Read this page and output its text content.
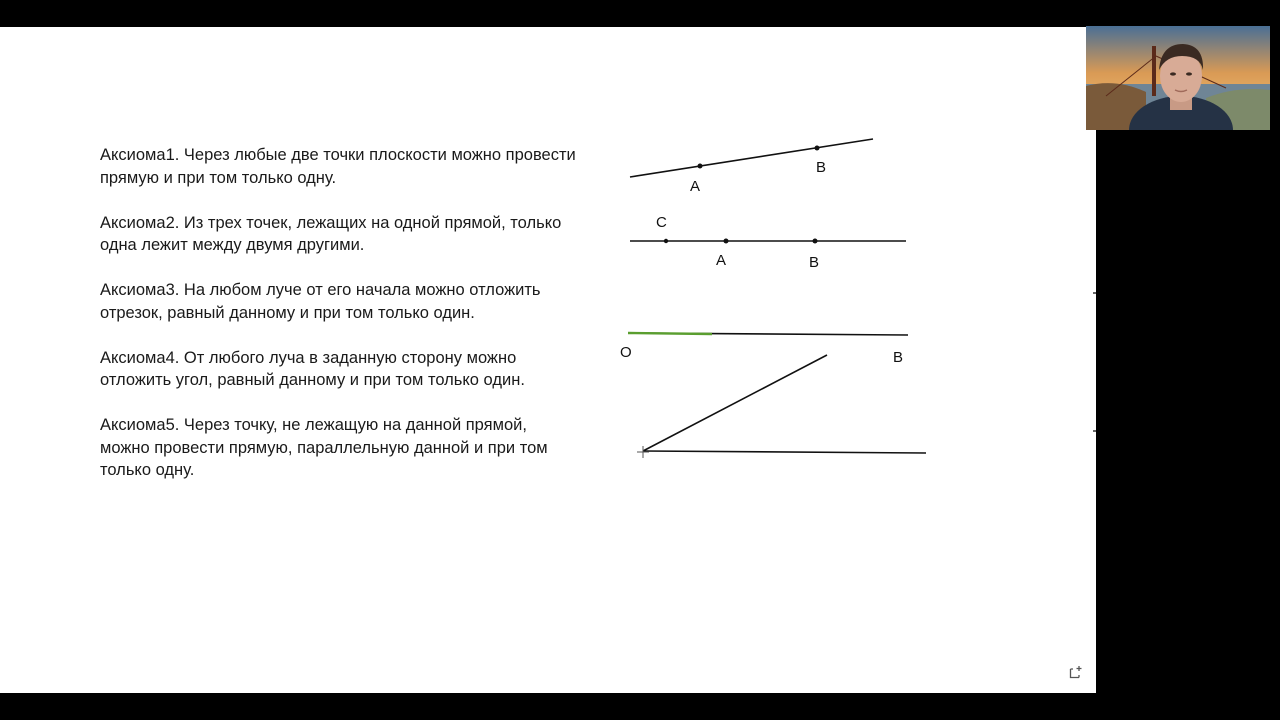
Аксиома1. Через любые две точки плоскости можно провести прямую и при том только одну.

Аксиома2. Из трех точек, лежащих на одной прямой, только одна лежит между двумя другими.

Аксиома3. На любом луче от его начала можно отложить отрезок, равный данному и при том только один.

Аксиома4. От любого луча в заданную сторону можно отложить угол, равный данному и при том только один.

Аксиома5. Через точку, не лежащую на данной прямой, можно провести прямую, параллельную данной и при том только одну.

A
B
C
A	B
O	B
